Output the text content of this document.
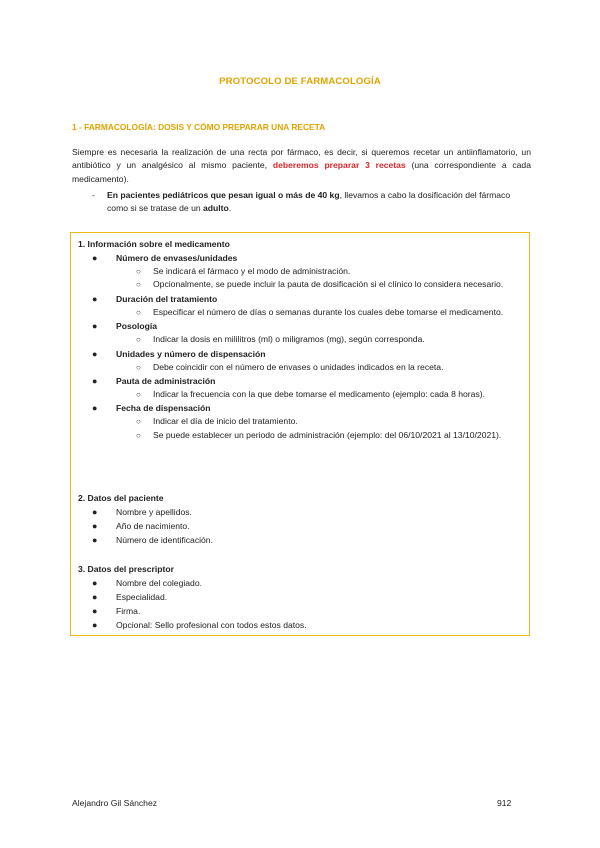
PROTOCOLO DE FARMACOLOGÍA
1 - FARMACOLOGÍA: DOSIS Y CÓMO PREPARAR UNA RECETA
Siempre es necesaria la realización de una recta por fármaco, es decir, si queremos recetar un antiinflamatorio, un antibiótico y un analgésico al mismo paciente, deberemos preparar 3 recetas (una correspondiente a cada medicamento).
- En pacientes pediátricos que pesan igual o más de 40 kg, llevamos a cabo la dosificación del fármaco como si se tratase de un adulto.
1. Información sobre el medicamento
● Número de envases/unidades
○ Se indicará el fármaco y el modo de administración.
○ Opcionalmente, se puede incluir la pauta de dosificación si el clínico lo considera necesario.
● Duración del tratamiento
○ Especificar el número de días o semanas durante los cuales debe tomarse el medicamento.
● Posología
○ Indicar la dosis en mililitros (ml) o miligramos (mg), según corresponda.
● Unidades y número de dispensación
○ Debe coincidir con el número de envases o unidades indicados en la receta.
● Pauta de administración
○ Indicar la frecuencia con la que debe tomarse el medicamento (ejemplo: cada 8 horas).
● Fecha de dispensación
○ Indicar el día de inicio del tratamiento.
○ Se puede establecer un periodo de administración (ejemplo: del 06/10/2021 al 13/10/2021).
2. Datos del paciente
● Nombre y apellidos.
● Año de nacimiento.
● Número de identificación.
3. Datos del prescriptor
● Nombre del colegiado.
● Especialidad.
● Firma.
● Opcional: Sello profesional con todos estos datos.
Alejandro Gil Sánchez	912
